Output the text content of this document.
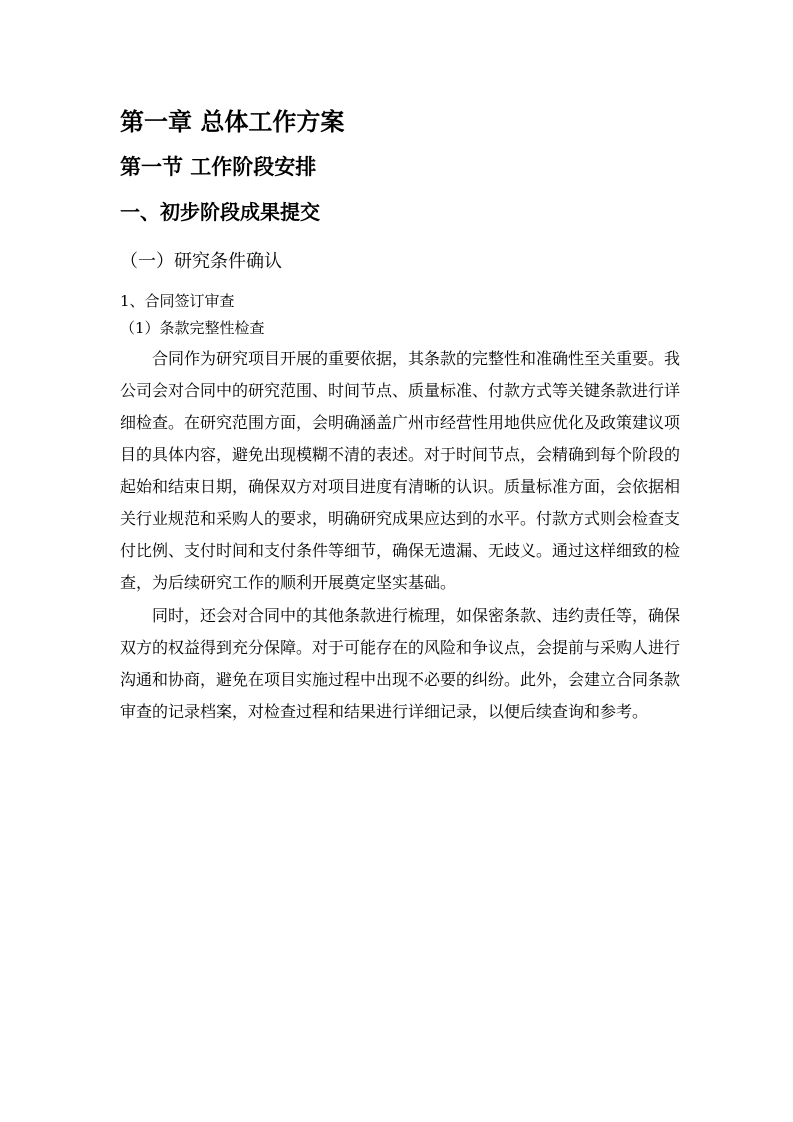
第一章 总体工作方案
第一节 工作阶段安排
一、初步阶段成果提交
（一）研究条件确认
1、合同签订审查
（1）条款完整性检查

合同作为研究项目开展的重要依据，其条款的完整性和准确性至关重要。我公司会对合同中的研究范围、时间节点、质量标准、付款方式等关键条款进行详细检查。在研究范围方面，会明确涵盖广州市经营性用地供应优化及政策建议项目的具体内容，避免出现模糊不清的表述。对于时间节点，会精确到每个阶段的起始和结束日期，确保双方对项目进度有清晰的认识。质量标准方面，会依据相关行业规范和采购人的要求，明确研究成果应达到的水平。付款方式则会检查支付比例、支付时间和支付条件等细节，确保无遗漏、无歧义。通过这样细致的检查，为后续研究工作的顺利开展奠定坚实基础。

同时，还会对合同中的其他条款进行梳理，如保密条款、违约责任等，确保双方的权益得到充分保障。对于可能存在的风险和争议点，会提前与采购人进行沟通和协商，避免在项目实施过程中出现不必要的纠纷。此外，会建立合同条款审查的记录档案，对检查过程和结果进行详细记录，以便后续查询和参考。
